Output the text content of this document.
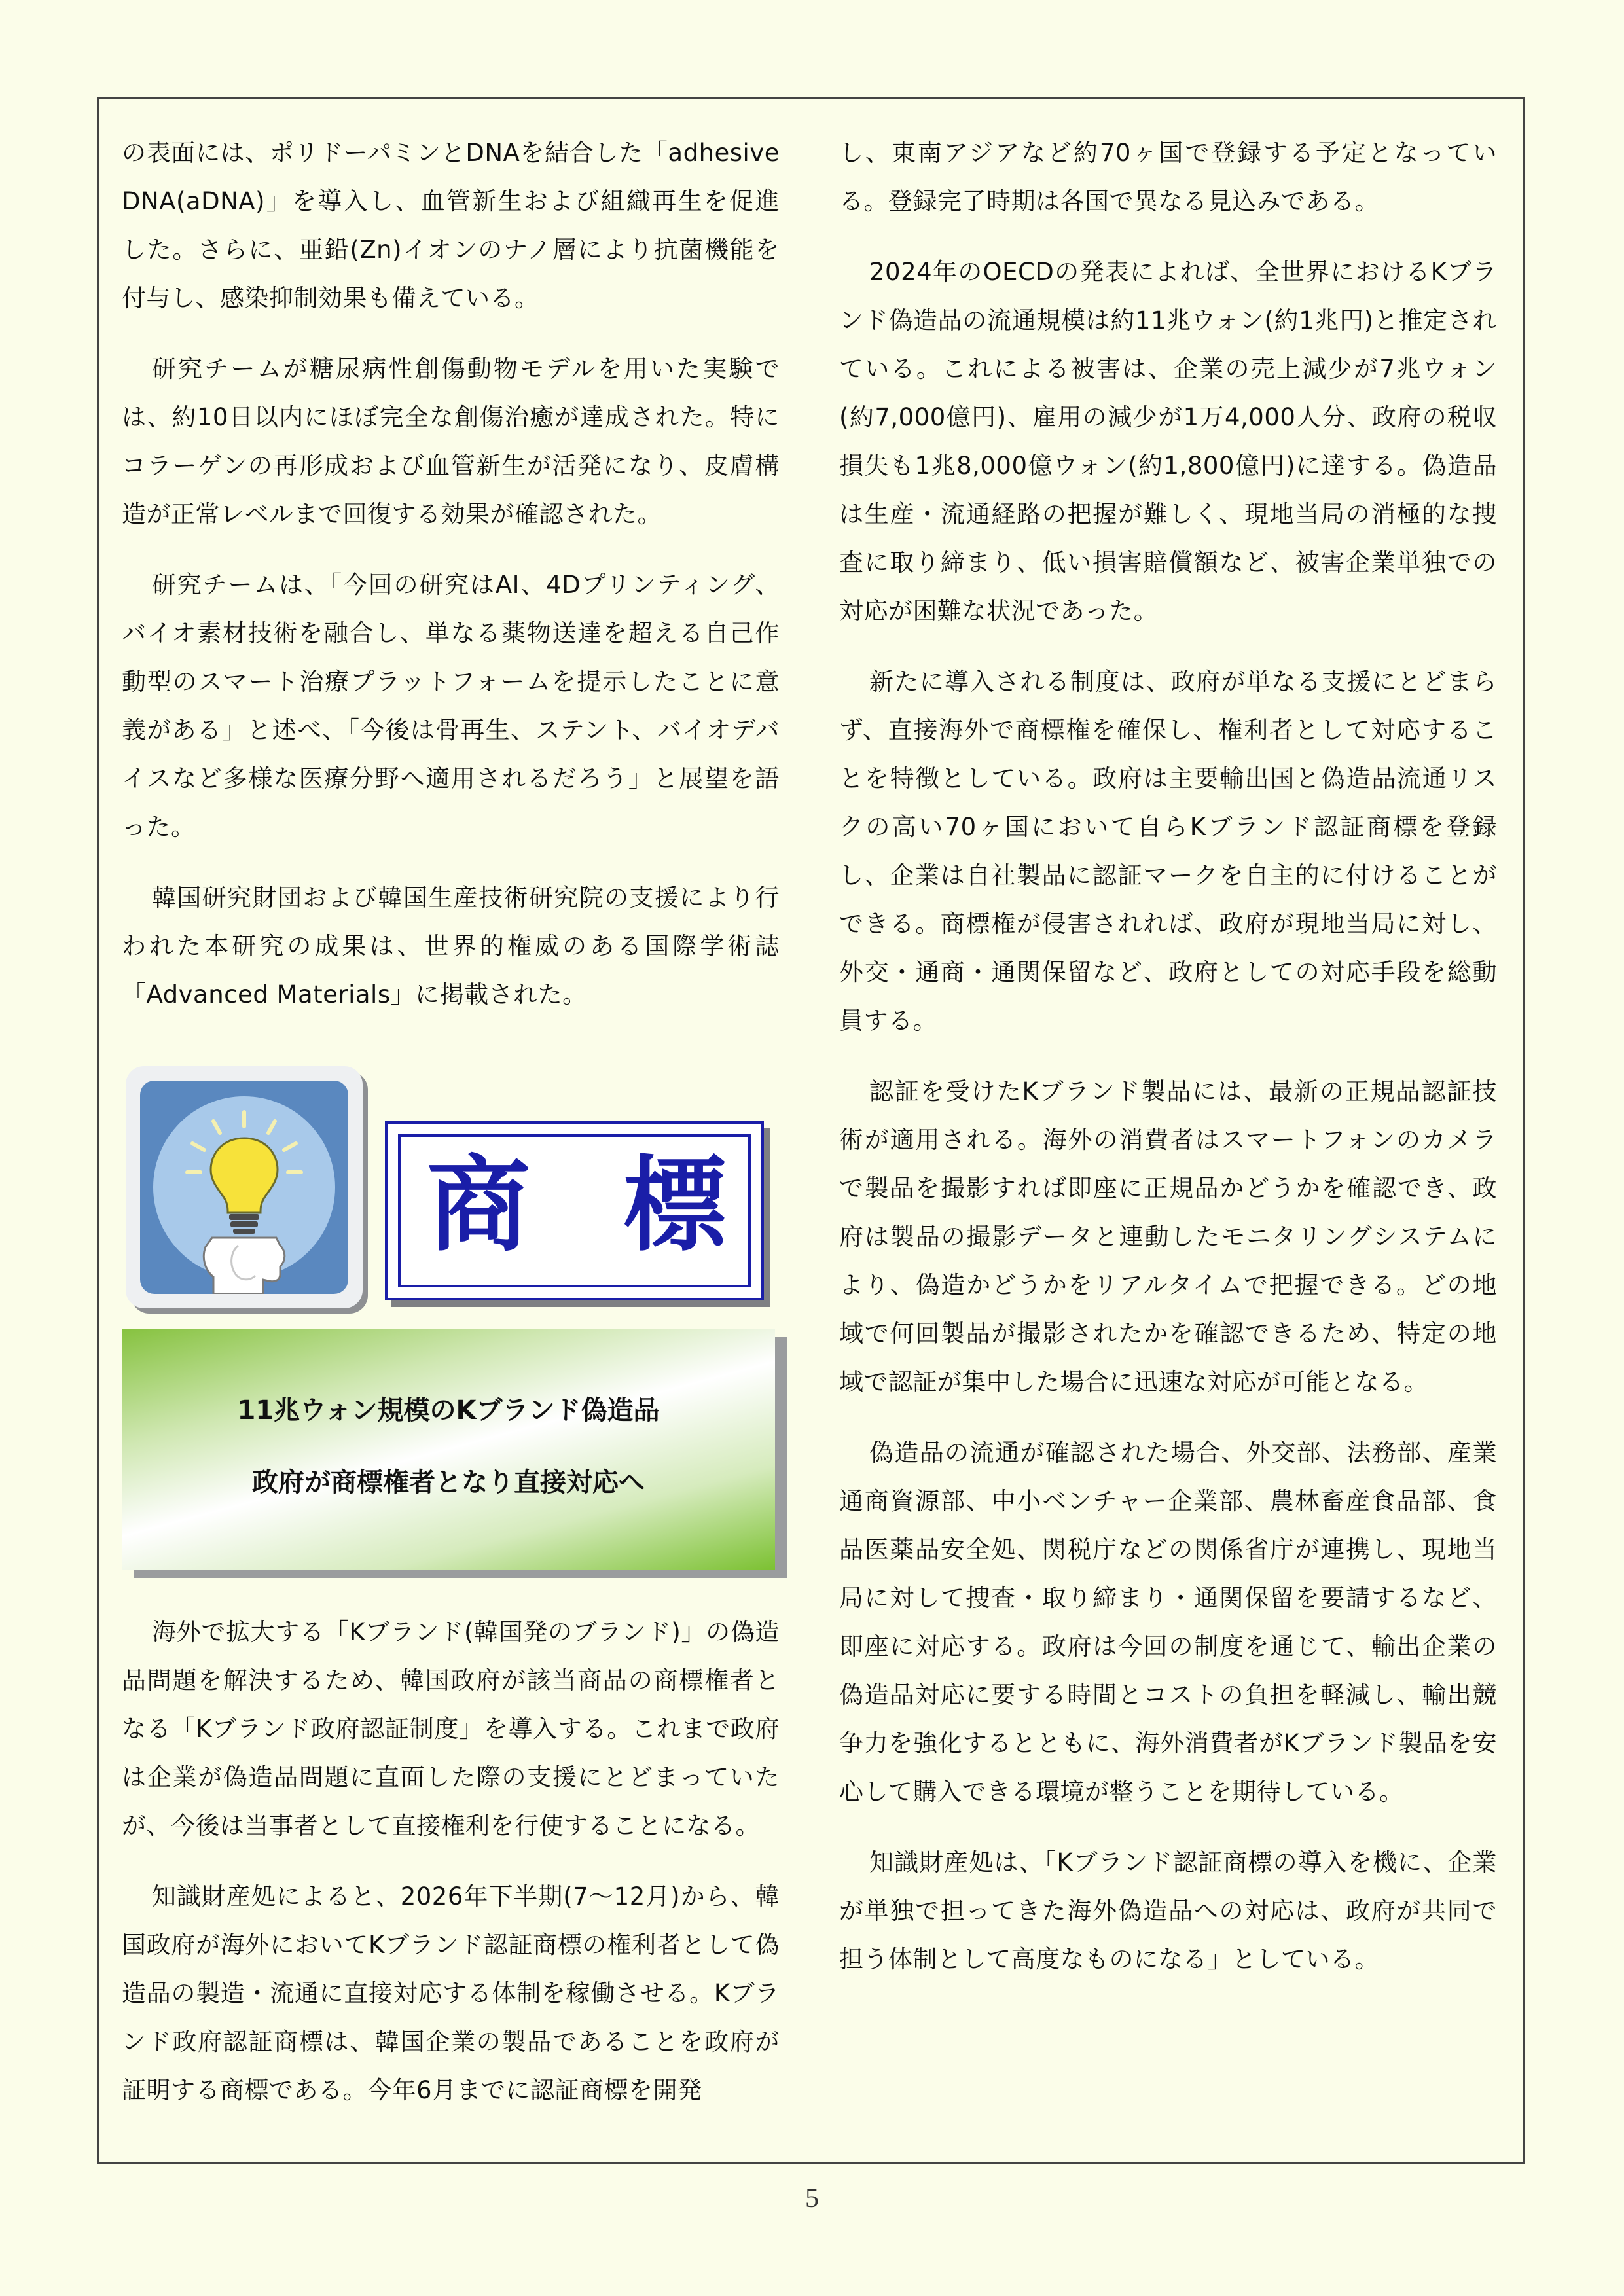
の表面には、ポリドーパミンとDNAを結合した「adhesive DNA(aDNA)」を導入し、血管新生および組織再生を促進した。さらに、亜鉛(Zn)イオンのナノ層により抗菌機能を付与し、感染抑制効果も備えている。

研究チームが糖尿病性創傷動物モデルを用いた実験では、約10日以内にほぼ完全な創傷治癒が達成された。特にコラーゲンの再形成および血管新生が活発になり、皮膚構造が正常レベルまで回復する効果が確認された。

研究チームは、「今回の研究はAI、4Dプリンティング、バイオ素材技術を融合し、単なる薬物送達を超える自己作動型のスマート治療プラットフォームを提示したことに意義がある」と述べ、「今後は骨再生、ステント、バイオデバイスなど多様な医療分野へ適用されるだろう」と展望を語った。

韓国研究財団および韓国生産技術研究院の支援により行われた本研究の成果は、世界的権威のある国際学術誌「Advanced Materials」に掲載された。

海外で拡大する「Kブランド(韓国発のブランド)」の偽造品問題を解決するため、韓国政府が該当商品の商標権者となる「Kブランド政府認証制度」を導入する。これまで政府は企業が偽造品問題に直面した際の支援にとどまっていたが、今後は当事者として直接権利を行使することになる。

知識財産処によると、2026年下半期(7〜12月)から、韓国政府が海外においてKブランド認証商標の権利者として偽造品の製造・流通に直接対応する体制を稼働させる。Kブランド政府認証商標は、韓国企業の製品であることを政府が証明する商標である。今年6月までに認証商標を開発

商 標
11兆ウォン規模のKブランド偽造品
政府が商標権者となり直接対応へ

し、東南アジアなど約70ヶ国で登録する予定となっている。登録完了時期は各国で異なる見込みである。

2024年のOECDの発表によれば、全世界におけるKブランド偽造品の流通規模は約11兆ウォン(約1兆円)と推定されている。これによる被害は、企業の売上減少が7兆ウォン(約7,000億円)、雇用の減少が1万4,000人分、政府の税収損失も1兆8,000億ウォン(約1,800億円)に達する。偽造品は生産・流通経路の把握が難しく、現地当局の消極的な捜査に取り締まり、低い損害賠償額など、被害企業単独での対応が困難な状況であった。

新たに導入される制度は、政府が単なる支援にとどまらず、直接海外で商標権を確保し、権利者として対応することを特徴としている。政府は主要輸出国と偽造品流通リスクの高い70ヶ国において自らKブランド認証商標を登録し、企業は自社製品に認証マークを自主的に付けることができる。商標権が侵害されれば、政府が現地当局に対し、外交・通商・通関保留など、政府としての対応手段を総動員する。

認証を受けたKブランド製品には、最新の正規品認証技術が適用される。海外の消費者はスマートフォンのカメラで製品を撮影すれば即座に正規品かどうかを確認でき、政府は製品の撮影データと連動したモニタリングシステムにより、偽造かどうかをリアルタイムで把握できる。どの地域で何回製品が撮影されたかを確認できるため、特定の地域で認証が集中した場合に迅速な対応が可能となる。

偽造品の流通が確認された場合、外交部、法務部、産業通商資源部、中小ベンチャー企業部、農林畜産食品部、食品医薬品安全処、関税庁などの関係省庁が連携し、現地当局に対して捜査・取り締まり・通関保留を要請するなど、即座に対応する。政府は今回の制度を通じて、輸出企業の偽造品対応に要する時間とコストの負担を軽減し、輸出競争力を強化するとともに、海外消費者がKブランド製品を安心して購入できる環境が整うことを期待している。

知識財産処は、「Kブランド認証商標の導入を機に、企業が単独で担ってきた海外偽造品への対応は、政府が共同で担う体制として高度なものになる」としている。

5
